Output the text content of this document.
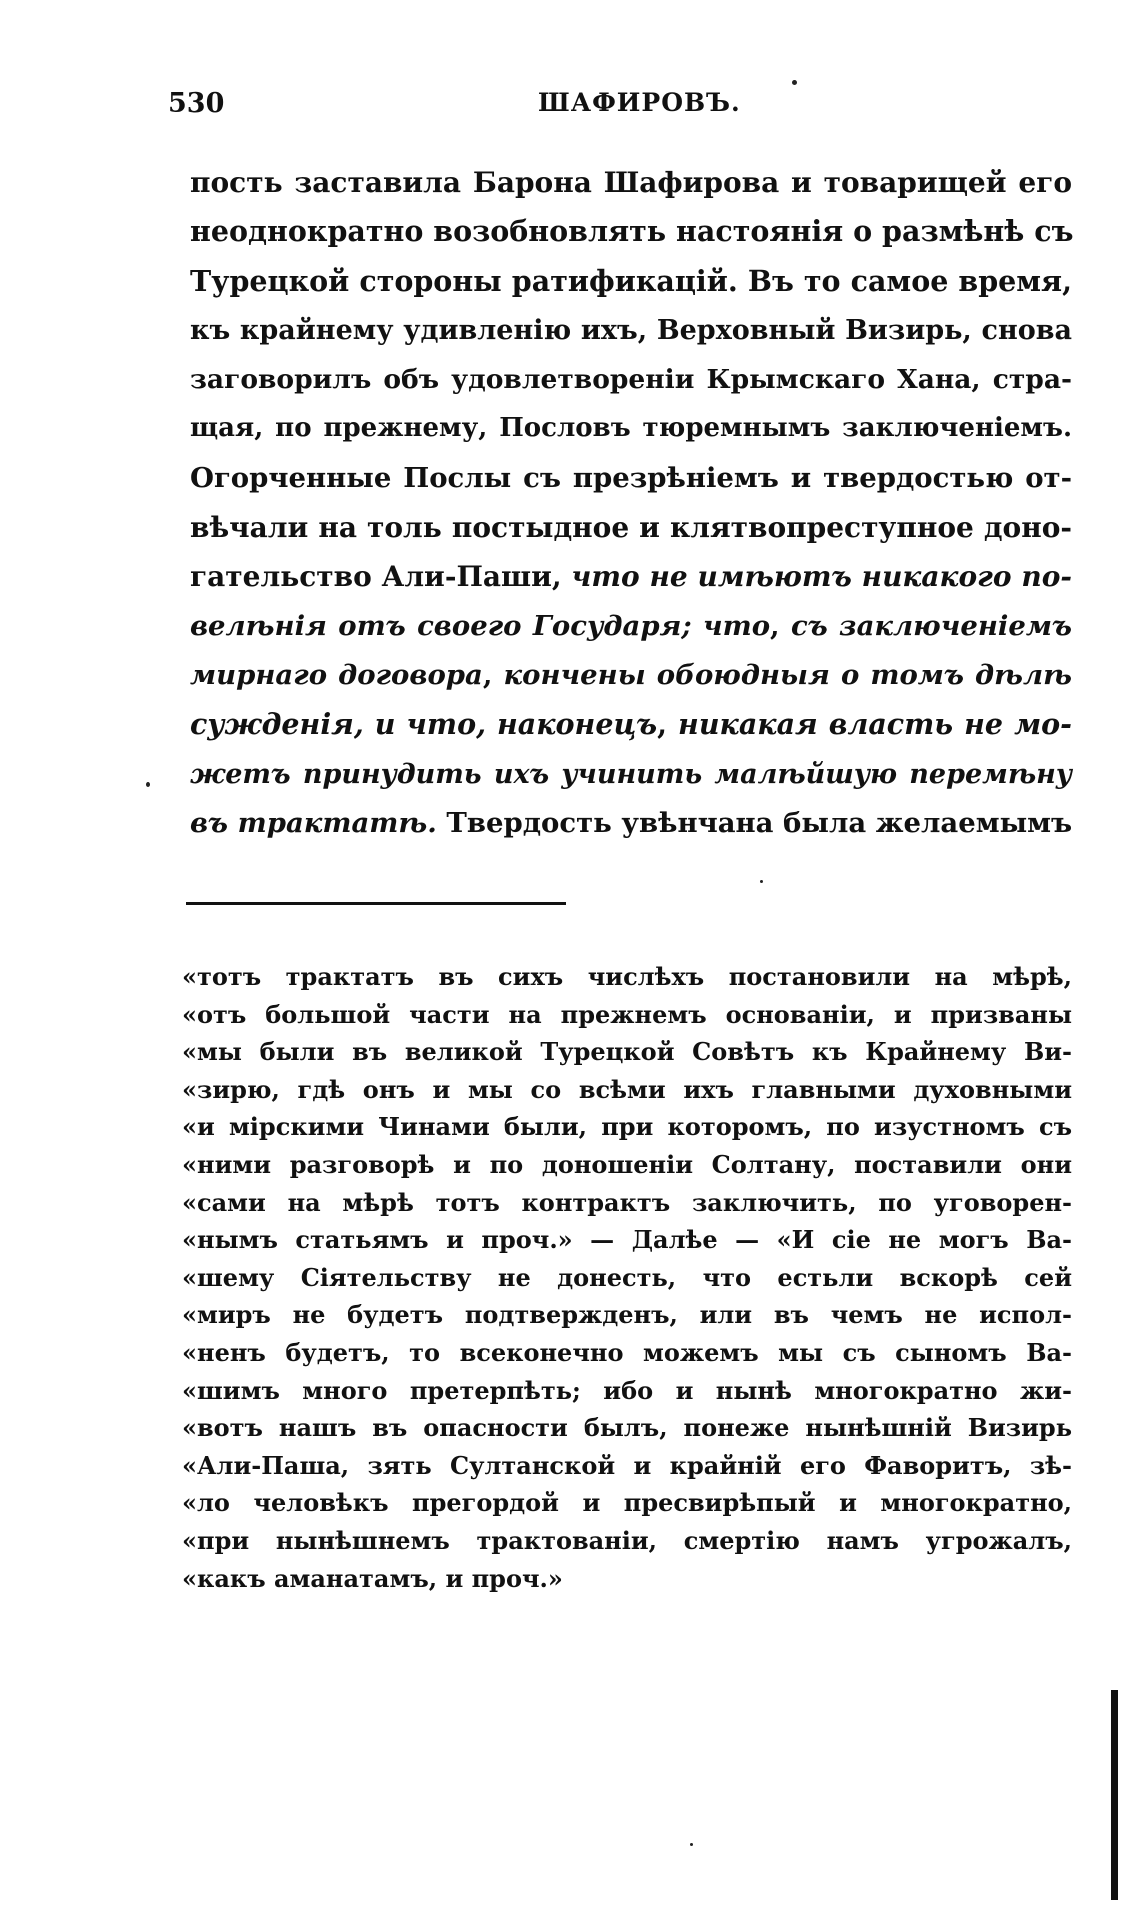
530	ШАФИРОВЪ.
пость заставила Барона Шафирова и товарищей его
неоднократно возобновлять настоянія о размѣнѣ съ
Турецкой стороны ратификацій. Въ то самое время,
къ крайнему удивленію ихъ, Верховный Визирь, снова
заговорилъ объ удовлетвореніи Крымскаго Хана, стра-
щая, по прежнему, Пословъ тюремнымъ заключеніемъ.
Огорченные Послы съ презрѣніемъ и твердостью от-
вѣчали на толь постыдное и клятвопреступное доно-
гательство Али-Паши, что не имѣютъ никакого по-
велѣнія отъ своего Государя; что, съ заключеніемъ
мирнаго договора, кончены обоюдныя о томъ дѣлѣ
сужденія, и что, наконецъ, никакая власть не мо-
жетъ принудить ихъ учинить малѣйшую перемѣну
въ трактатѣ. Твердость увѣнчана была желаемымъ
«тотъ трактатъ въ сихъ числѣхъ постановили на мѣрѣ,
«отъ большой части на прежнемъ основаніи, и призваны
«мы были въ великой Турецкой Совѣтъ къ Крайнему Ви-
«зирю, гдѣ онъ и мы со всѣми ихъ главными духовными
«и мірскими Чинами были, при которомъ, по изустномъ съ
«ними разговорѣ и по доношеніи Солтану, поставили они
«сами на мѣрѣ тотъ контрактъ заключить, по уговорен-
«нымъ статьямъ и проч.» — Далѣе — «И сіе не могъ Ва-
«шему Сіятельству не донесть, что естьли вскорѣ сей
«миръ не будетъ подтвержденъ, или въ чемъ не испол-
«ненъ будетъ, то всеконечно можемъ мы съ сыномъ Ва-
«шимъ много претерпѣть; ибо и нынѣ многократно жи-
«вотъ нашъ въ опасности былъ, понеже нынѣшній Визирь
«Али-Паша, зять Султанской и крайній его Фаворитъ, зѣ-
«ло человѣкъ прегордой и пресвирѣпый и многократно,
«при нынѣшнемъ трактованіи, смертію намъ угрожалъ,
«какъ аманатамъ, и проч.»
